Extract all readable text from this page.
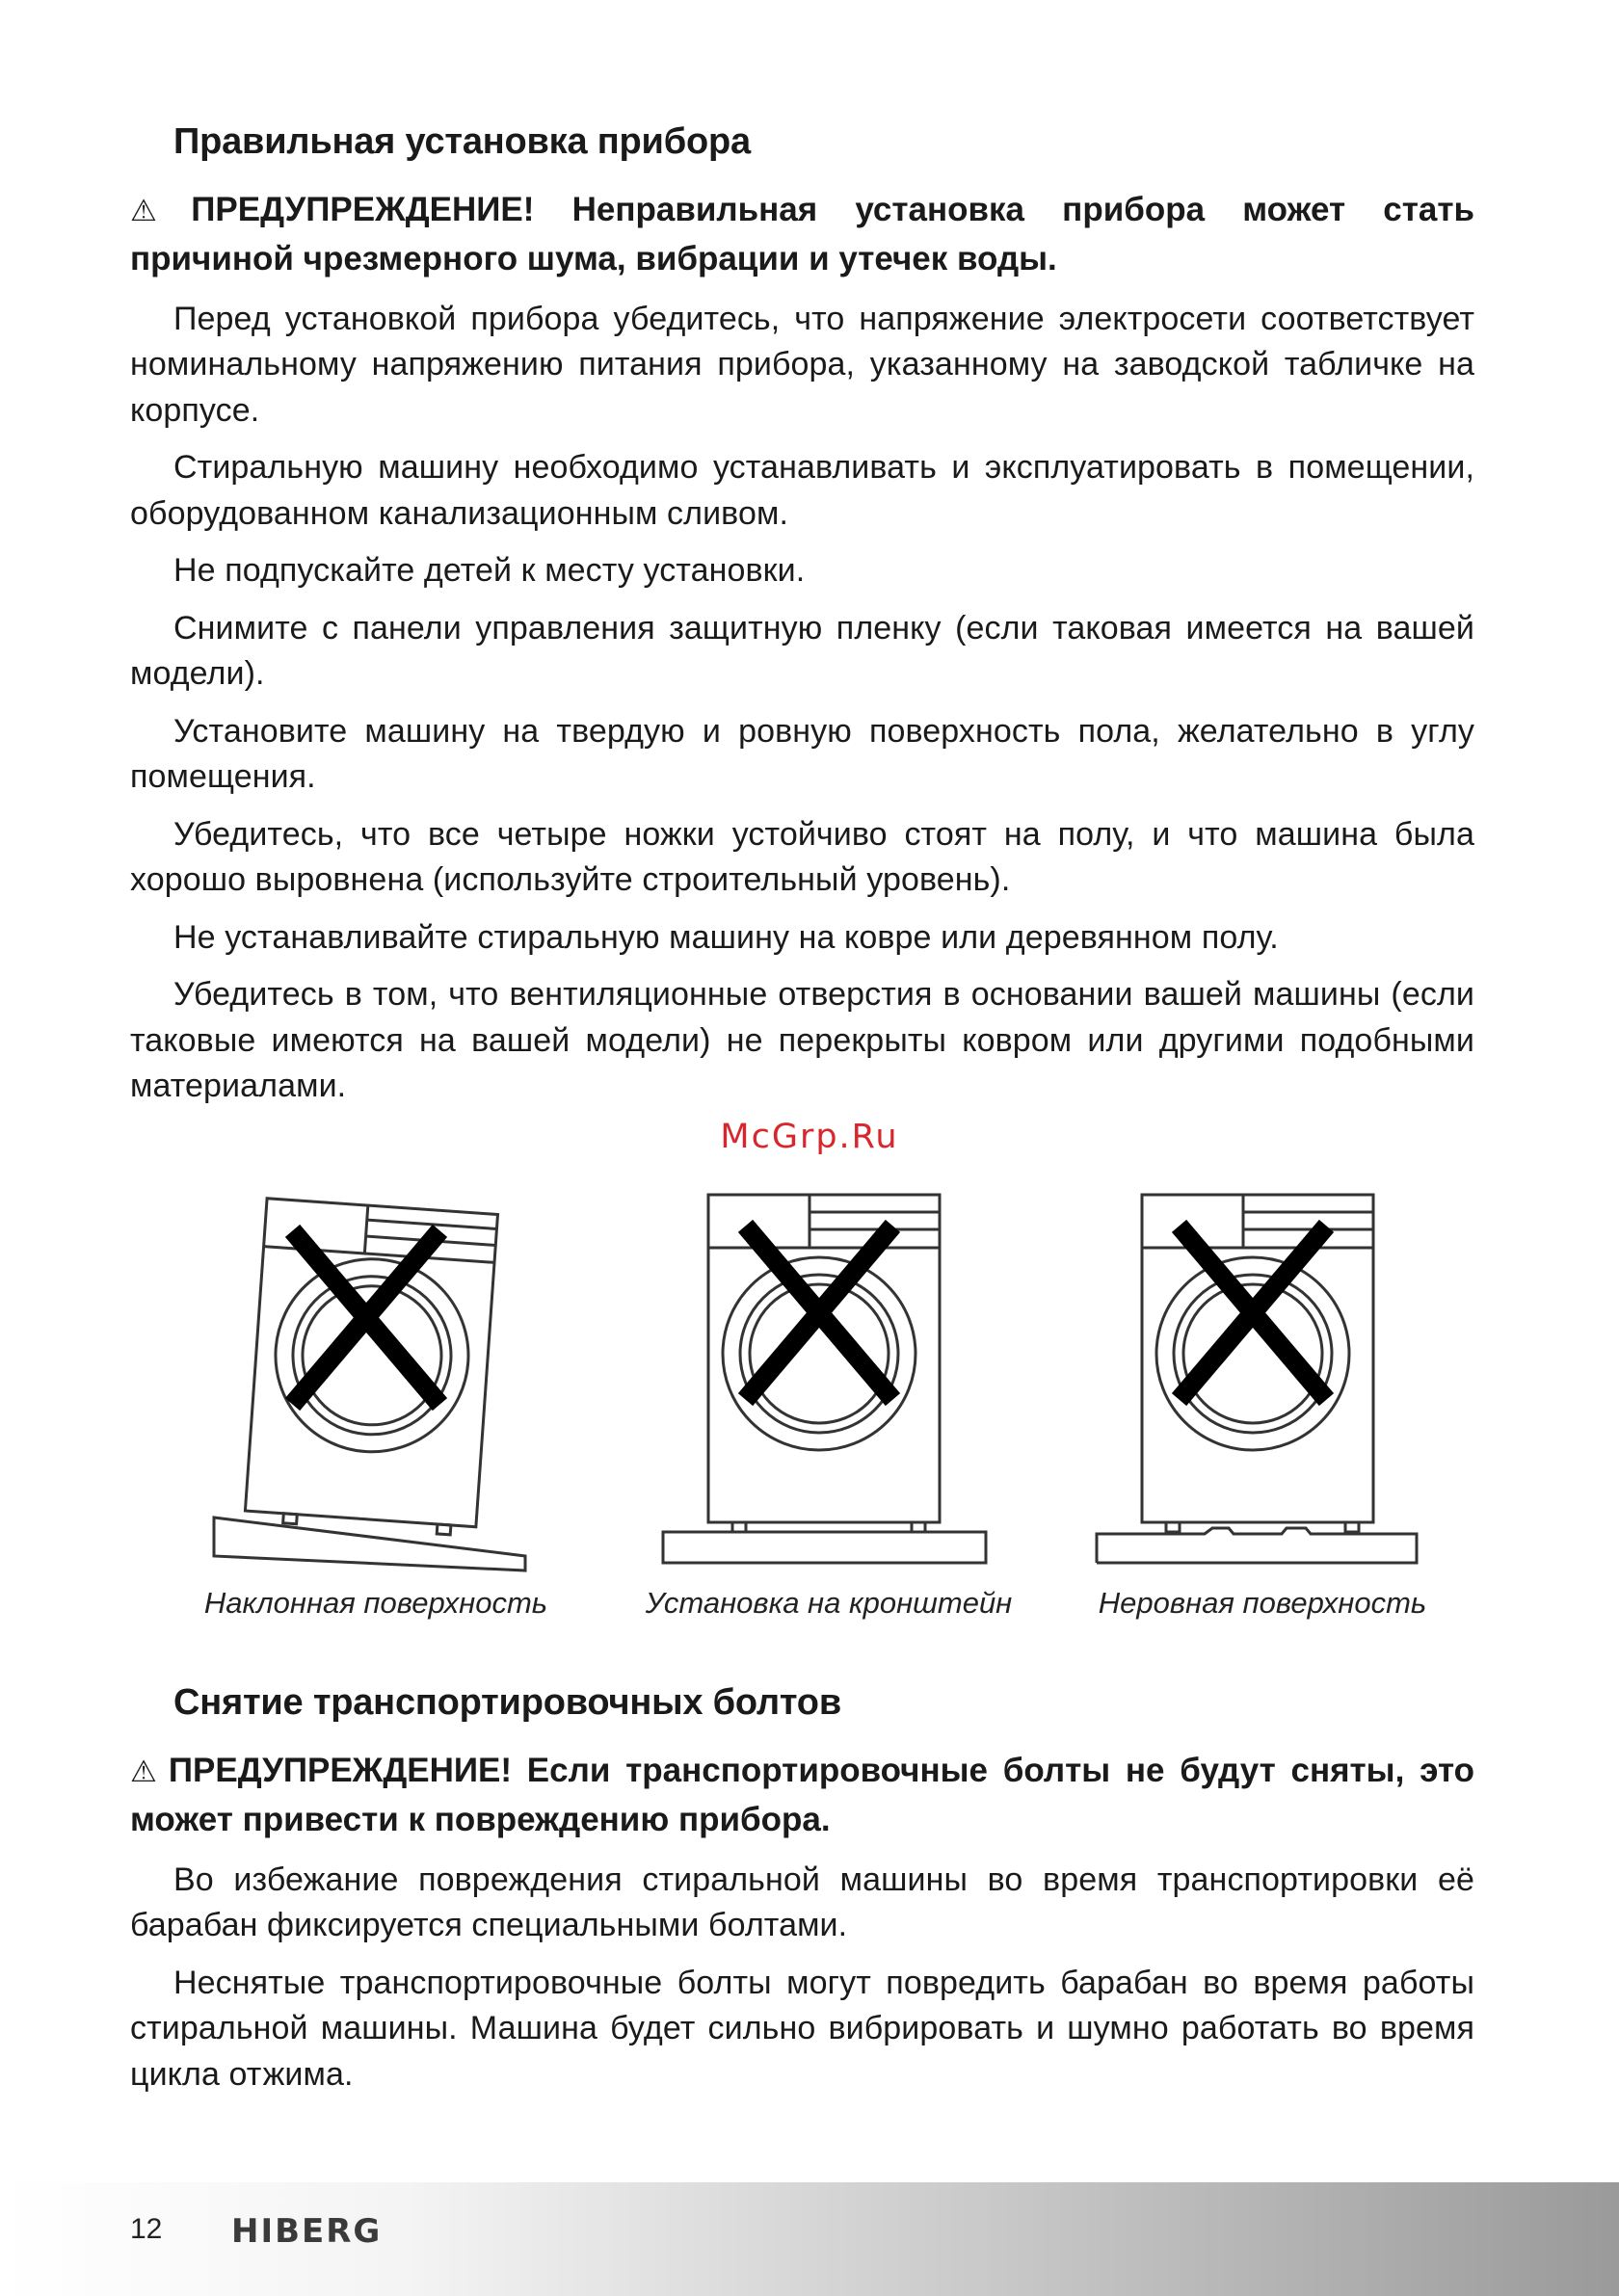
Правильная установка прибора
⚠ ПРЕДУПРЕЖДЕНИЕ! Неправильная установка прибора может стать причиной чрезмерного шума, вибрации и утечек воды.

Перед установкой прибора убедитесь, что напряжение электросети соответствует номинальному напряжению питания прибора, указанному на заводской табличке на корпусе.

Стиральную машину необходимо устанавливать и эксплуатировать в помещении, оборудованном канализационным сливом.

Не подпускайте детей к месту установки.

Снимите с панели управления защитную пленку (если таковая имеется на вашей модели).

Установите машину на твердую и ровную поверхность пола, желательно в углу помещения.

Убедитесь, что все четыре ножки устойчиво стоят на полу, и что машина была хорошо выровнена (используйте строительный уровень).

Не устанавливайте стиральную машину на ковре или деревянном полу.

Убедитесь в том, что вентиляционные отверстия в основании вашей машины (если таковые имеются на вашей модели) не перекрыты ковром или другими подобными материалами.

McGrp.Ru
Наклонная поверхность	Установка на кронштейн	Неровная поверхность
Снятие транспортировочных болтов
⚠ ПРЕДУПРЕЖДЕНИЕ! Если транспортировочные болты не будут сняты, это может привести к повреждению прибора.

Во избежание повреждения стиральной машины во время транспортировки её барабан фиксируется специальными болтами.

Неснятые транспортировочные болты могут повредить барабан во время работы стиральной машины. Машина будет сильно вибрировать и шумно работать во время цикла отжима.

12 HIBERG
